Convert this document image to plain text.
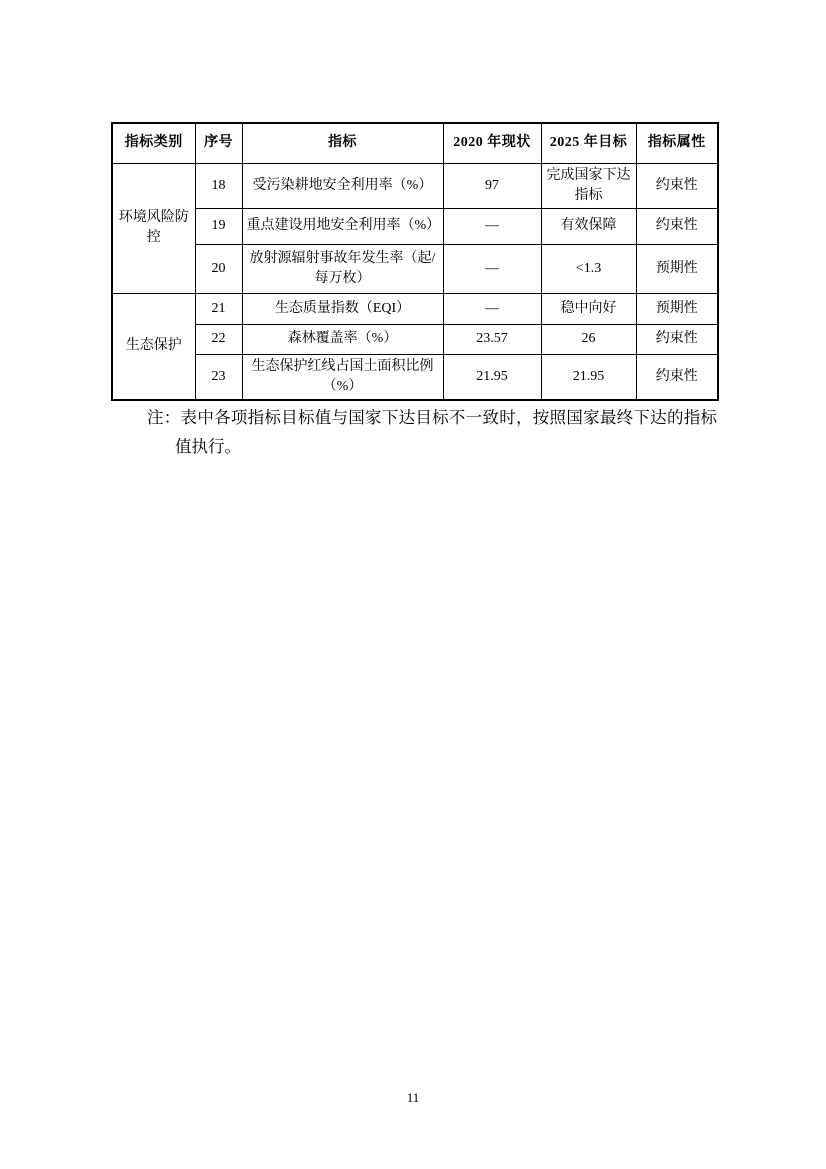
指标类别	序号	指标	2020 年现状	2025 年目标	指标属性
环境风险防控	18	受污染耕地安全利用率（%）	97	完成国家下达指标	约束性
	19	重点建设用地安全利用率（%）	—	有效保障	约束性
	20	放射源辐射事故年发生率（起/每万枚）	—	<1.3	预期性
生态保护	21	生态质量指数（EQI）	—	稳中向好	预期性
	22	森林覆盖率（%）	23.57	26	约束性
	23	生态保护红线占国土面积比例（%）	21.95	21.95	约束性

注：表中各项指标目标值与国家下达目标不一致时，按照国家最终下达的指标值执行。

11
